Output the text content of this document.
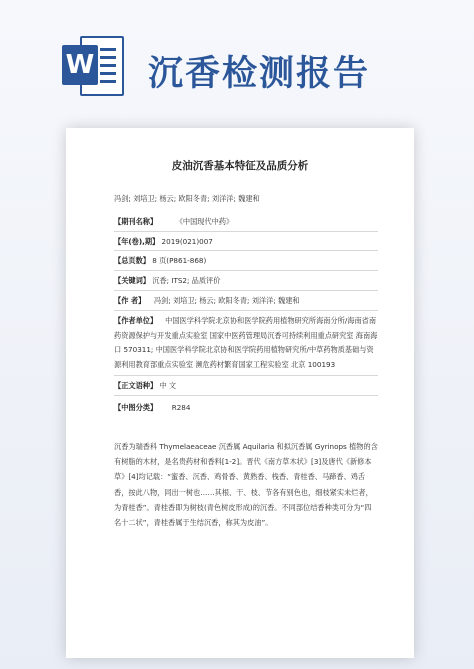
W 沉香检测报告
皮油沉香基本特征及品质分析
冯剑; 刘培卫; 杨云; 欧阳冬青; 刘洋洋; 魏建和
【期刊名称】	《中国现代中药》
【年(卷),期】 2019(021)007
【总页数】 8 页(P861-868)
【关键词】 沉香; ITS2; 品质评价
【作 者】 冯剑; 刘培卫; 杨云; 欧阳冬青; 刘洋洋; 魏建和
【作者单位】 中国医学科学院北京协和医学院药用植物研究所海南分所/海南省南药资源保护与开发重点实验室 国家中医药管理局沉香可持续利用重点研究室 海南海口 570311; 中国医学科学院北京协和医学院药用植物研究所/中草药物质基础与资源利用教育部重点实验室 濒危药材繁育国家工程实验室 北京 100193
【正文语种】 中 文
【中图分类】 R284
沉香为瑞香科 Thymelaeaceae 沉香属 Aquilaria 和拟沉香属 Gyrinops 植物的含有树脂的木材，是名贵药材和香料[1-2]。晋代《南方草木状》[3]及唐代《新修本草》[4]均记载：“蜜香、沉香、鸡骨香、黄熟香、栈香、青桂香、马蹄香、鸡舌香，按此八物，同出一树也……其根、干、枝、节各有别色也，细枝紧实未烂者，为青桂香”。青桂香即为树枝(青色树皮形成)的沉香。不同部位结香种类可分为“四名十二状”，青桂香属于生结沉香，称其为皮油”。
